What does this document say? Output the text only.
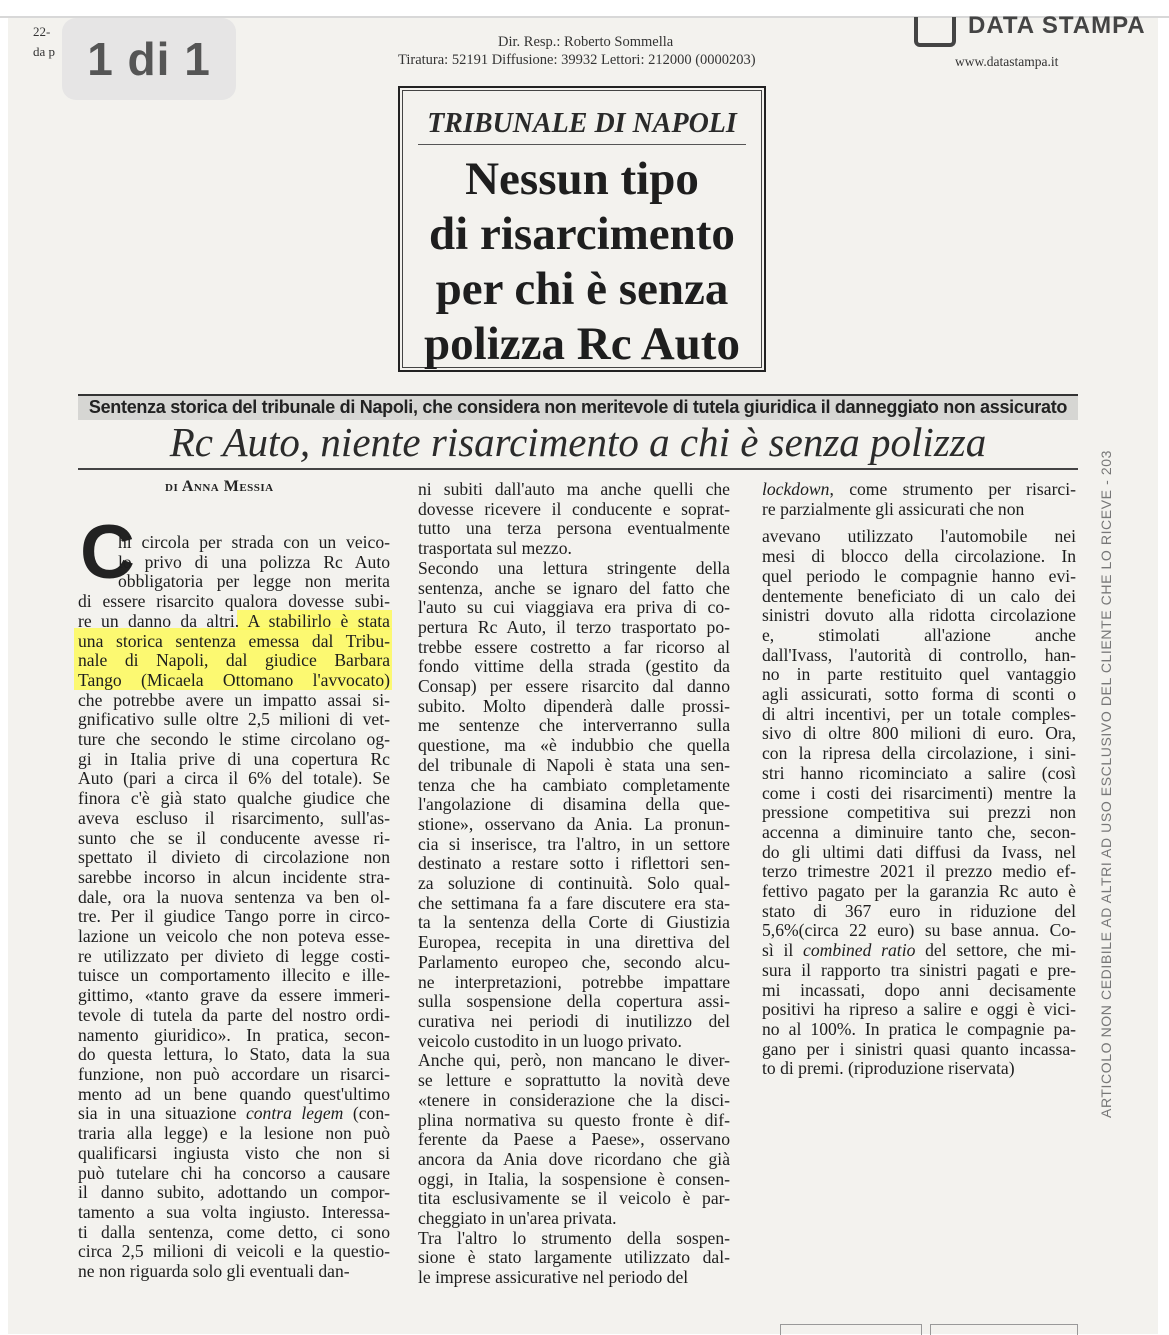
22-
da p 1 di 1	Dir. Resp.: Roberto Sommella
Tiratura: 52191 Diffusione: 39932 Lettori: 212000 (0000203)
DATA STAMPA
www.datastampa.it
TRIBUNALE DI NAPOLI
Nessun tipo
di risarcimento
per chi è senza
polizza Rc Auto
Sentenza storica del tribunale di Napoli, che considera non meritevole di tutela giuridica il danneggiato non assicurato
Rc Auto, niente risarcimento a chi è senza polizza
di Anna Messia
C
hi circola per strada con un veico-
lo privo di una polizza Rc Auto
obbligatoria per legge non merita
di essere risarcito qualora dovesse subi-
re un danno da altri. A stabilirlo è stata
una storica sentenza emessa dal Tribu-
nale di Napoli, dal giudice Barbara
Tango (Micaela Ottomano l'avvocato)
che potrebbe avere un impatto assai si-
gnificativo sulle oltre 2,5 milioni di vet-
ture che secondo le stime circolano og-
gi in Italia prive di una copertura Rc
Auto (pari a circa il 6% del totale). Se
finora c'è già stato qualche giudice che
aveva escluso il risarcimento, sull'as-
sunto che se il conducente avesse ri-
spettato il divieto di circolazione non
sarebbe incorso in alcun incidente stra-
dale, ora la nuova sentenza va ben ol-
tre. Per il giudice Tango porre in circo-
lazione un veicolo che non poteva esse-
re utilizzato per divieto di legge costi-
tuisce un comportamento illecito e ille-
gittimo, «tanto grave da essere immeri-
tevole di tutela da parte del nostro ordi-
namento giuridico». In pratica, secon-
do questa lettura, lo Stato, data la sua
funzione, non può accordare un risarci-
mento ad un bene quando quest'ultimo
sia in una situazione contra legem (con-
traria alla legge) e la lesione non può
qualificarsi ingiusta visto che non si
può tutelare chi ha concorso a causare
il danno subito, adottando un compor-
tamento a sua volta ingiusto. Interessa-
ti dalla sentenza, come detto, ci sono
circa 2,5 milioni di veicoli e la questio-
ne non riguarda solo gli eventuali dan-
ni subiti dall'auto ma anche quelli che
dovesse ricevere il conducente e soprat-
tutto una terza persona eventualmente
trasportata sul mezzo.
Secondo una lettura stringente della
sentenza, anche se ignaro del fatto che
l'auto su cui viaggiava era priva di co-
pertura Rc Auto, il terzo trasportato po-
trebbe essere costretto a far ricorso al
fondo vittime della strada (gestito da
Consap) per essere risarcito dal danno
subito. Molto dipenderà dalle prossi-
me sentenze che interverranno sulla
questione, ma «è indubbio che quella
del tribunale di Napoli è stata una sen-
tenza che ha cambiato completamente
l'angolazione di disamina della que-
stione», osservano da Ania. La pronun-
cia si inserisce, tra l'altro, in un settore
destinato a restare sotto i riflettori sen-
za soluzione di continuità. Solo qual-
che settimana fa a fare discutere era sta-
ta la sentenza della Corte di Giustizia
Europea, recepita in una direttiva del
Parlamento europeo che, secondo alcu-
ne interpretazioni, potrebbe impattare
sulla sospensione della copertura assi-
curativa nei periodi di inutilizzo del
veicolo custodito in un luogo privato.
Anche qui, però, non mancano le diver-
se letture e soprattutto la novità deve
«tenere in considerazione che la disci-
plina normativa su questo fronte è dif-
ferente da Paese a Paese», osservano
ancora da Ania dove ricordano che già
oggi, in Italia, la sospensione è consen-
tita esclusivamente se il veicolo è par-
cheggiato in un'area privata.
Tra l'altro lo strumento della sospen-
sione è stato largamente utilizzato dal-
le imprese assicurative nel periodo del
lockdown, come strumento per risarci-
re parzialmente gli assicurati che non
avevano utilizzato l'automobile nei
mesi di blocco della circolazione. In
quel periodo le compagnie hanno evi-
dentemente beneficiato di un calo dei
sinistri dovuto alla ridotta circolazione
e, stimolati all'azione anche
dall'Ivass, l'autorità di controllo, han-
no in parte restituito quel vantaggio
agli assicurati, sotto forma di sconti o
di altri incentivi, per un totale comples-
sivo di oltre 800 milioni di euro. Ora,
con la ripresa della circolazione, i sini-
stri hanno ricominciato a salire (così
come i costi dei risarcimenti) mentre la
pressione competitiva sui prezzi non
accenna a diminuire tanto che, secon-
do gli ultimi dati diffusi da Ivass, nel
terzo trimestre 2021 il prezzo medio ef-
fettivo pagato per la garanzia Rc auto è
stato di 367 euro in riduzione del
5,6%(circa 22 euro) su base annua. Co-
sì il combined ratio del settore, che mi-
sura il rapporto tra sinistri pagati e pre-
mi incassati, dopo anni decisamente
positivi ha ripreso a salire e oggi è vici-
no al 100%. In pratica le compagnie pa-
gano per i sinistri quasi quanto incassa-
to di premi. (riproduzione riservata)	ARTICOLO NON CEDIBILE AD ALTRI AD USO ESCLUSIVO DEL CLIENTE CHE LO RICEVE - 203
